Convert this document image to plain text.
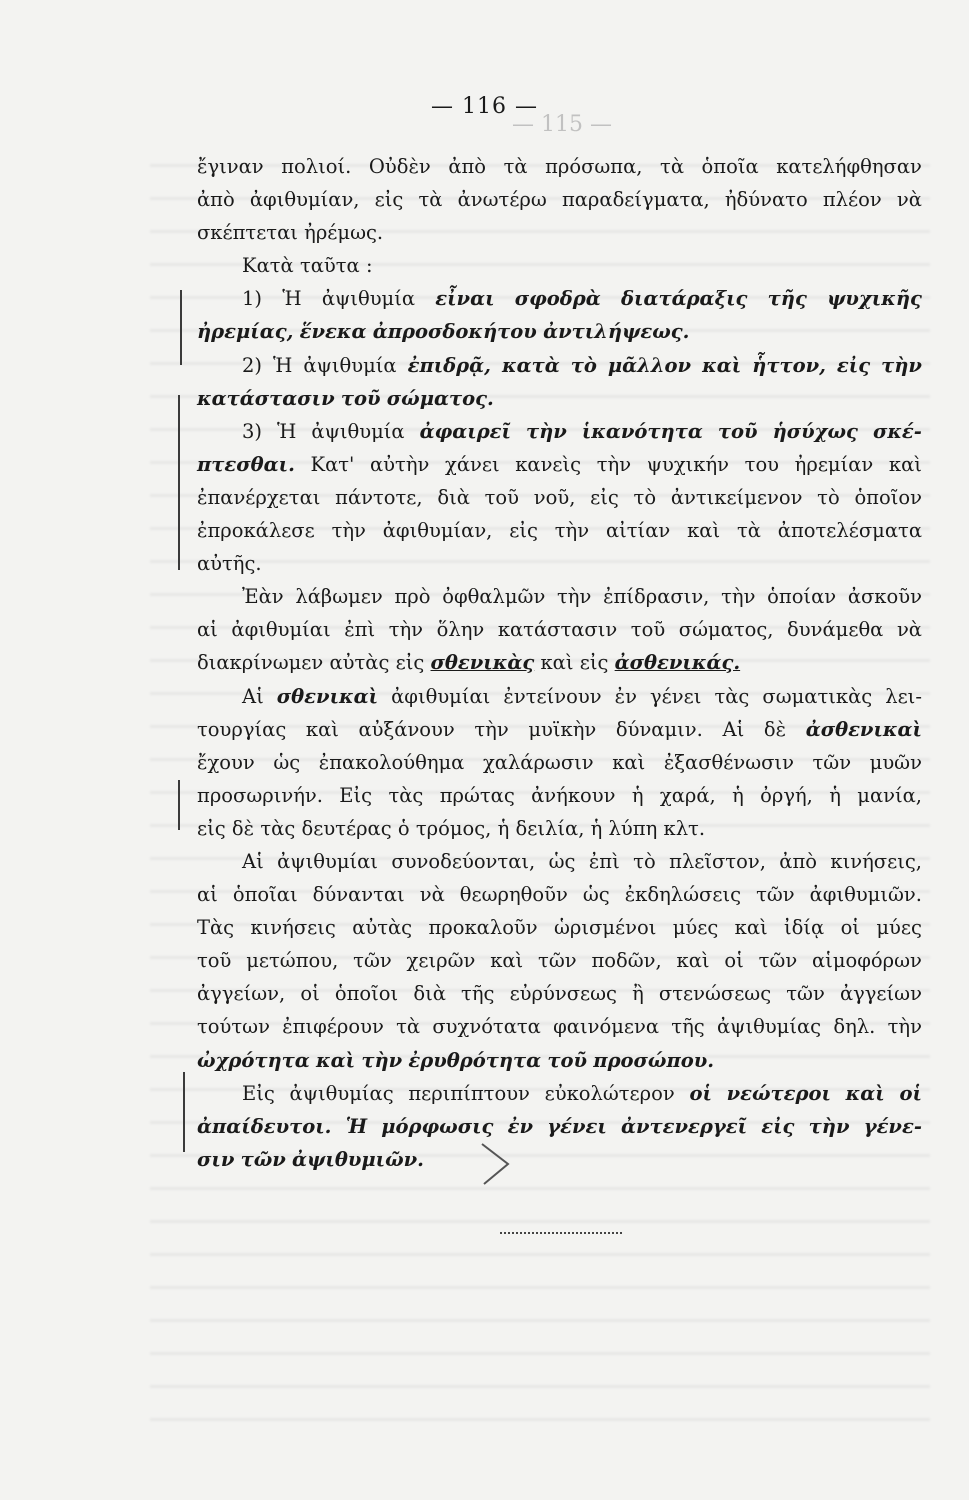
— 115 —
— 116 —
ἔγιναν πολιοί. Οὐδὲν ἀπὸ τὰ πρόσωπα, τὰ ὁποῖα κατελήφθησαν
ἀπὸ ἀφιθυμίαν, εἰς τὰ ἀνωτέρω παραδείγματα, ἠδύνατο πλέον νὰ
σκέπτεται ἠρέμως.
Κατὰ ταῦτα :
1) Ἡ ἀψιθυμία εἶναι σφοδρὰ διατάραξις τῆς ψυχικῆς
ἠρεμίας, ἕνεκα ἀπροσδοκήτου ἀντιλήψεως.
2) Ἡ ἀψιθυμία ἐπιδρᾷ, κατὰ τὸ μᾶλλον καὶ ἧττον, εἰς τὴν
κατάστασιν τοῦ σώματος.
3) Ἡ ἀψιθυμία ἀφαιρεῖ τὴν ἱκανότητα τοῦ ἡσύχως σκέ-
πτεσθαι. Κατ' αὐτὴν χάνει κανεὶς τὴν ψυχικήν του ἠρεμίαν καὶ
ἐπανέρχεται πάντοτε, διὰ τοῦ νοῦ, εἰς τὸ ἀντικείμενον τὸ ὁποῖον
ἐπροκάλεσε τὴν ἀφιθυμίαν, εἰς τὴν αἰτίαν καὶ τὰ ἀποτελέσματα
αὐτῆς.
Ἐὰν λάβωμεν πρὸ ὀφθαλμῶν τὴν ἐπίδρασιν, τὴν ὁποίαν ἀσκοῦν
αἱ ἀφιθυμίαι ἐπὶ τὴν ὅλην κατάστασιν τοῦ σώματος, δυνάμεθα νὰ
διακρίνωμεν αὐτὰς εἰς σθενικὰς καὶ εἰς ἀσθενικάς.
Αἱ σθενικαὶ ἀφιθυμίαι ἐντείνουν ἐν γένει τὰς σωματικὰς λει-
τουργίας καὶ αὐξάνουν τὴν μυϊκὴν δύναμιν. Αἱ δὲ ἀσθενικαὶ
ἔχουν ὡς ἐπακολούθημα χαλάρωσιν καὶ ἐξασθένωσιν τῶν μυῶν
προσωρινήν. Εἰς τὰς πρώτας ἀνήκουν ἡ χαρά, ἡ ὀργή, ἡ μανία,
εἰς δὲ τὰς δευτέρας ὁ τρόμος, ἡ δειλία, ἡ λύπη κλτ.
Αἱ ἀψιθυμίαι συνοδεύονται, ὡς ἐπὶ τὸ πλεῖστον, ἀπὸ κινήσεις,
αἱ ὁποῖαι δύνανται νὰ θεωρηθοῦν ὡς ἐκδηλώσεις τῶν ἀφιθυμιῶν.
Τὰς κινήσεις αὐτὰς προκαλοῦν ὡρισμένοι μύες καὶ ἰδίᾳ οἱ μύες
τοῦ μετώπου, τῶν χειρῶν καὶ τῶν ποδῶν, καὶ οἱ τῶν αἱμοφόρων
ἀγγείων, οἱ ὁποῖοι διὰ τῆς εὐρύνσεως ἢ στενώσεως τῶν ἀγγείων
τούτων ἐπιφέρουν τὰ συχνότατα φαινόμενα τῆς ἀψιθυμίας δηλ. τὴν
ὠχρότητα καὶ τὴν ἐρυθρότητα τοῦ προσώπου.
Εἰς ἀψιθυμίας περιπίπτουν εὐκολώτερον οἱ νεώτεροι καὶ οἱ
ἀπαίδευτοι. Ἡ μόρφωσις ἐν γένει ἀντενεργεῖ εἰς τὴν γένε-
σιν τῶν ἀψιθυμιῶν.
